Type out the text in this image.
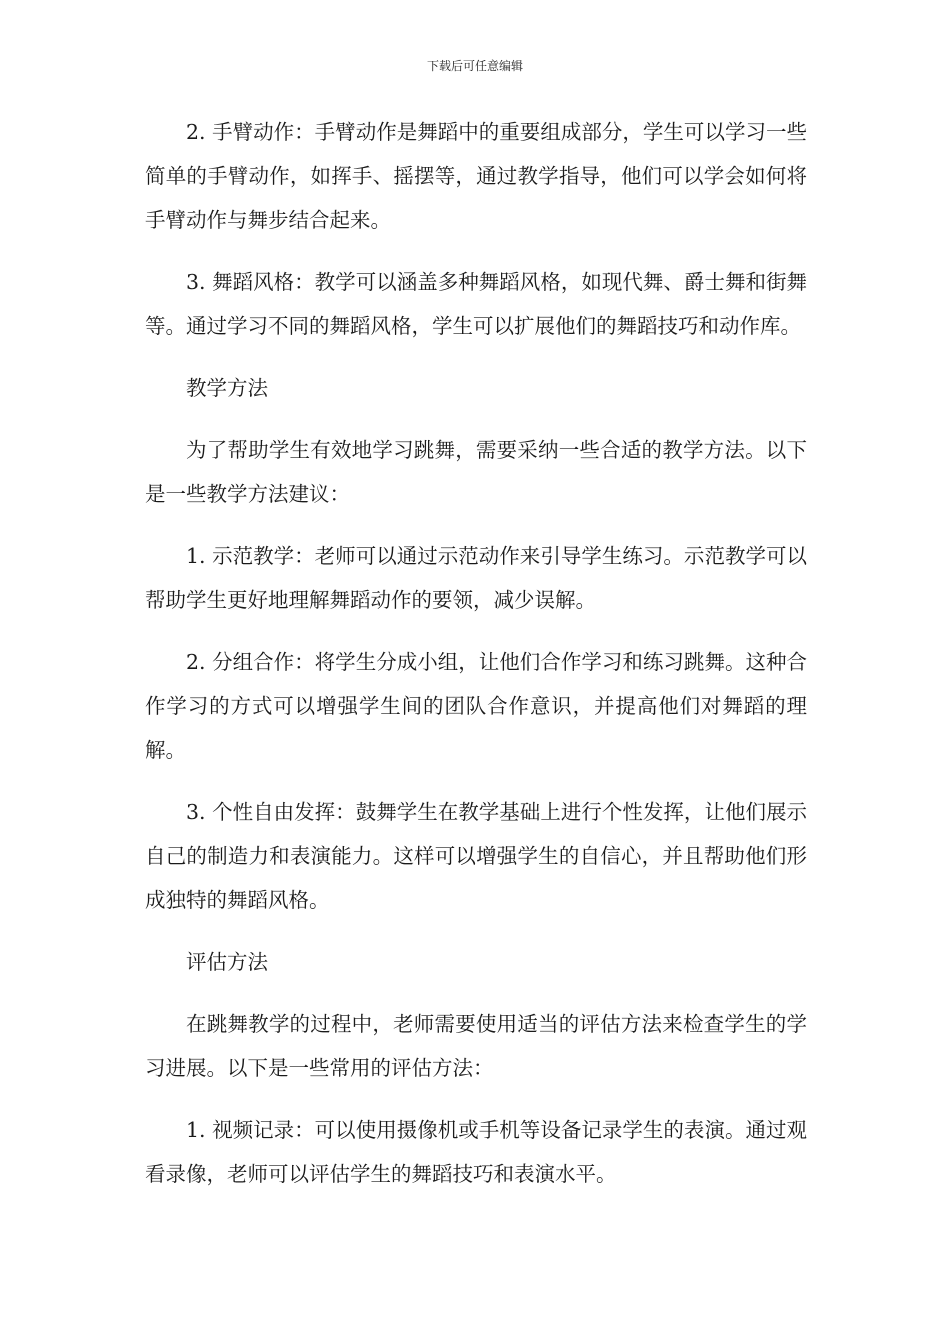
下载后可任意编辑

2. 手臂动作：手臂动作是舞蹈中的重要组成部分，学生可以学习一些简单的手臂动作，如挥手、摇摆等，通过教学指导，他们可以学会如何将手臂动作与舞步结合起来。

3. 舞蹈风格：教学可以涵盖多种舞蹈风格，如现代舞、爵士舞和街舞等。通过学习不同的舞蹈风格，学生可以扩展他们的舞蹈技巧和动作库。

教学方法

为了帮助学生有效地学习跳舞，需要采纳一些合适的教学方法。以下是一些教学方法建议：

1. 示范教学：老师可以通过示范动作来引导学生练习。示范教学可以帮助学生更好地理解舞蹈动作的要领，减少误解。

2. 分组合作：将学生分成小组，让他们合作学习和练习跳舞。这种合作学习的方式可以增强学生间的团队合作意识，并提高他们对舞蹈的理解。

3. 个性自由发挥：鼓舞学生在教学基础上进行个性发挥，让他们展示自己的制造力和表演能力。这样可以增强学生的自信心，并且帮助他们形成独特的舞蹈风格。

评估方法

在跳舞教学的过程中，老师需要使用适当的评估方法来检查学生的学习进展。以下是一些常用的评估方法：

1. 视频记录：可以使用摄像机或手机等设备记录学生的表演。通过观看录像，老师可以评估学生的舞蹈技巧和表演水平。
